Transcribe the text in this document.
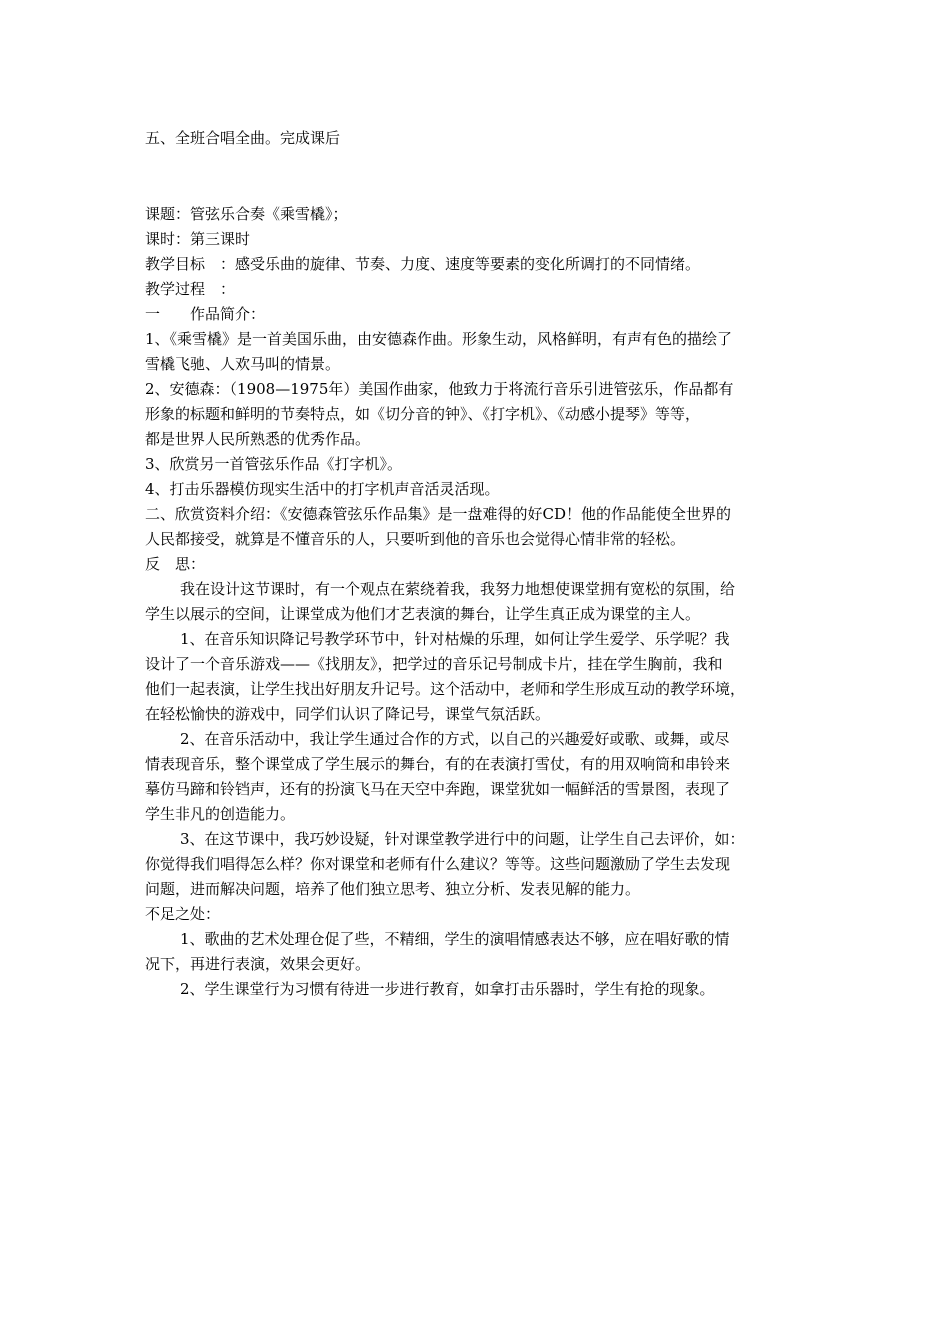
五、全班合唱全曲。完成课后
课题：管弦乐合奏《乘雪橇》；
课时：第三课时
教学目标　：感受乐曲的旋律、节奏、力度、速度等要素的变化所调打的不同情绪。
教学过程　：
一　　作品简介：
1、《乘雪橇》是一首美国乐曲，由安德森作曲。形象生动，风格鲜明，有声有色的描绘了
雪橇飞驰、人欢马叫的情景。
2、安德森：（1908—1975年）美国作曲家，他致力于将流行音乐引进管弦乐，作品都有
形象的标题和鲜明的节奏特点，如《切分音的钟》、《打字机》、《动感小提琴》等等，
都是世界人民所熟悉的优秀作品。
3、欣赏另一首管弦乐作品《打字机》。
4、打击乐器模仿现实生活中的打字机声音活灵活现。
二、欣赏资料介绍：《安德森管弦乐作品集》是一盘难得的好CD！他的作品能使全世界的
人民都接受，就算是不懂音乐的人，只要听到他的音乐也会觉得心情非常的轻松。
反　思：
我在设计这节课时，有一个观点在萦绕着我，我努力地想使课堂拥有宽松的氛围，给
学生以展示的空间，让课堂成为他们才艺表演的舞台，让学生真正成为课堂的主人。
1、在音乐知识降记号教学环节中，针对枯燥的乐理，如何让学生爱学、乐学呢？我
设计了一个音乐游戏——《找朋友》，把学过的音乐记号制成卡片，挂在学生胸前，我和
他们一起表演，让学生找出好朋友升记号。这个活动中，老师和学生形成互动的教学环境，
在轻松愉快的游戏中，同学们认识了降记号，课堂气氛活跃。
2、在音乐活动中，我让学生通过合作的方式，以自己的兴趣爱好或歌、或舞，或尽
情表现音乐，整个课堂成了学生展示的舞台，有的在表演打雪仗，有的用双响筒和串铃来
摹仿马蹄和铃铛声，还有的扮演飞马在天空中奔跑，课堂犹如一幅鲜活的雪景图，表现了
学生非凡的创造能力。
3、在这节课中，我巧妙设疑，针对课堂教学进行中的问题，让学生自己去评价，如：
你觉得我们唱得怎么样？你对课堂和老师有什么建议？等等。这些问题激励了学生去发现
问题，进而解决问题，培养了他们独立思考、独立分析、发表见解的能力。
不足之处：
1、歌曲的艺术处理仓促了些，不精细，学生的演唱情感表达不够，应在唱好歌的情
况下，再进行表演，效果会更好。
2、学生课堂行为习惯有待进一步进行教育，如拿打击乐器时，学生有抢的现象。
